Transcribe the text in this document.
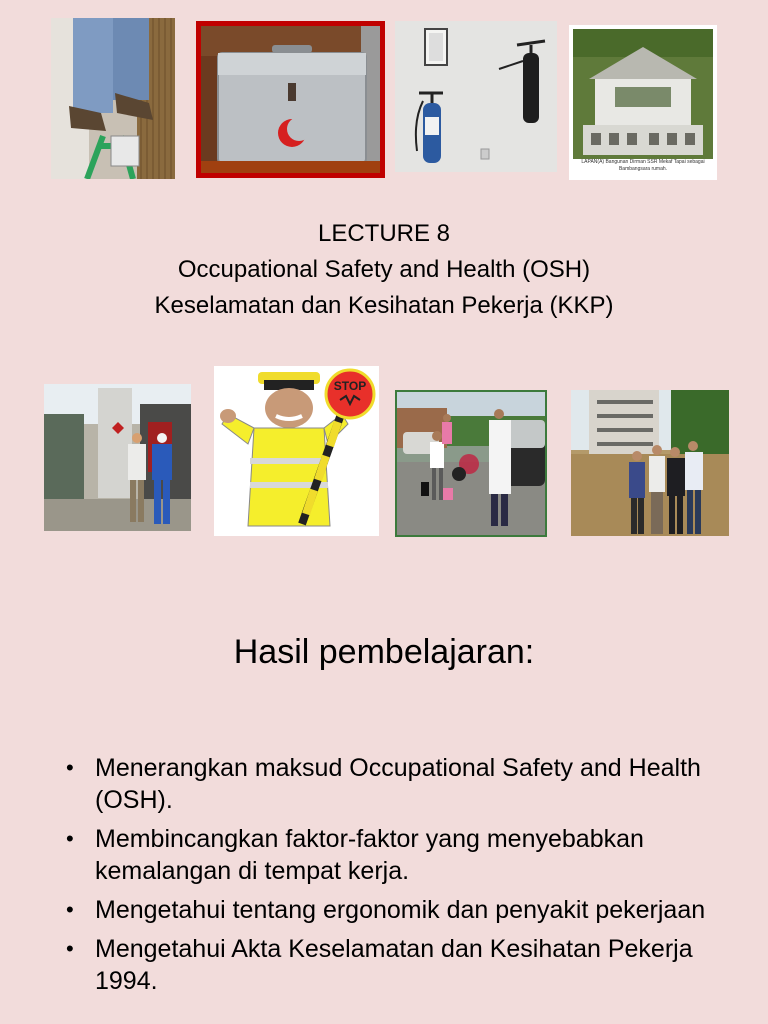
LAPAN(A) Bangunan Dirman SSR Mekaf Tapai sebagai Bambangsara rumah.
LECTURE 8
Occupational Safety and Health (OSH)
Keselamatan dan Kesihatan Pekerja (KKP)
STOP
Hasil pembelajaran:
• Menerangkan maksud Occupational Safety and Health (OSH).
• Membincangkan faktor-faktor yang menyebabkan kemalangan di tempat kerja.
• Mengetahui tentang ergonomik dan penyakit pekerjaan
• Mengetahui Akta Keselamatan dan Kesihatan Pekerja 1994.
